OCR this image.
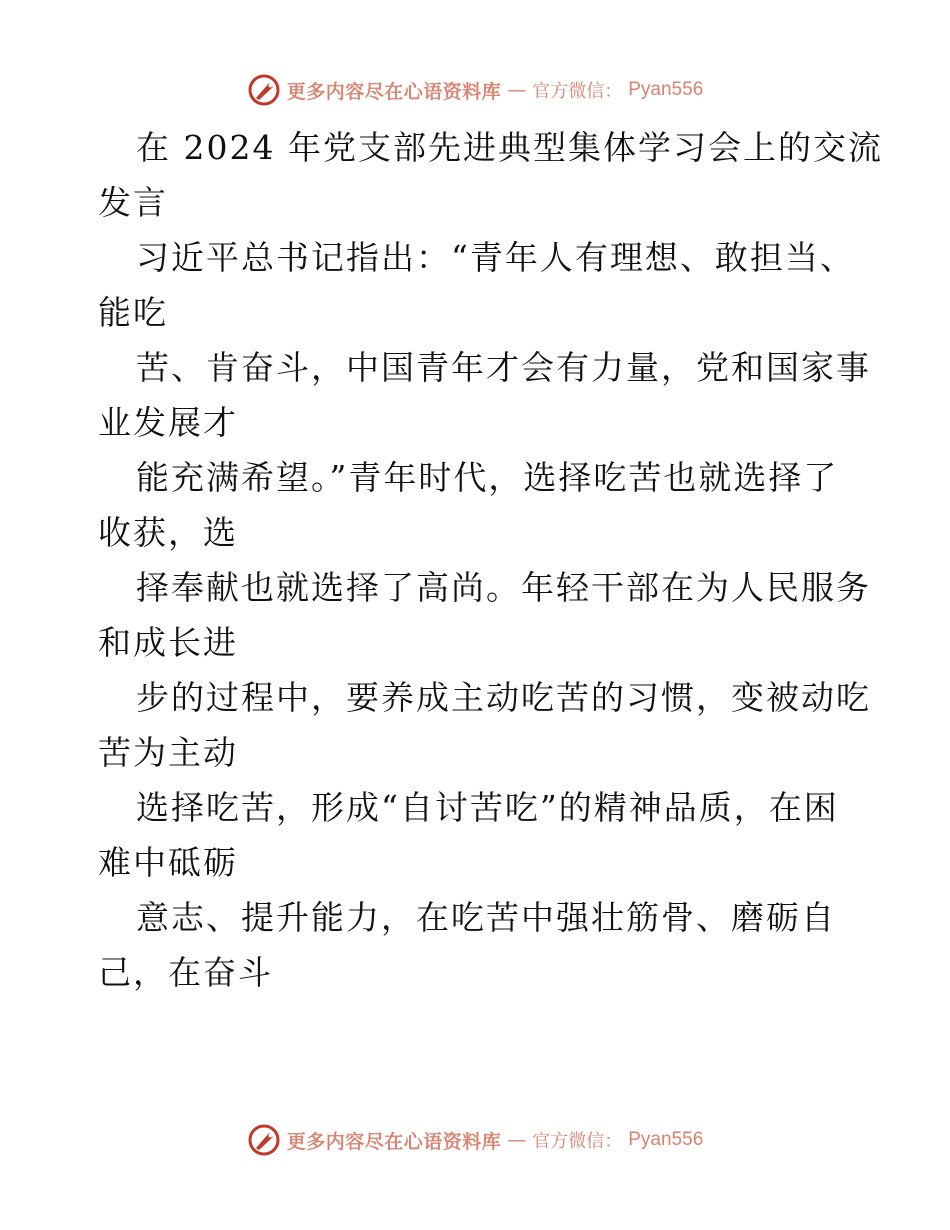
更多内容尽在心语资料库 — 官方微信： Pyan556
在 2024 年党支部先进典型集体学习会上的交流
发言
习近平总书记指出：“青年人有理想、敢担当、
能吃
苦、肯奋斗，中国青年才会有力量，党和国家事
业发展才
能充满希望。”青年时代，选择吃苦也就选择了
收获，选
择奉献也就选择了高尚。年轻干部在为人民服务
和成长进
步的过程中，要养成主动吃苦的习惯，变被动吃
苦为主动
选择吃苦，形成“自讨苦吃”的精神品质，在困
难中砥砺
意志、提升能力，在吃苦中强壮筋骨、磨砺自
己，在奋斗
更多内容尽在心语资料库 — 官方微信： Pyan556
